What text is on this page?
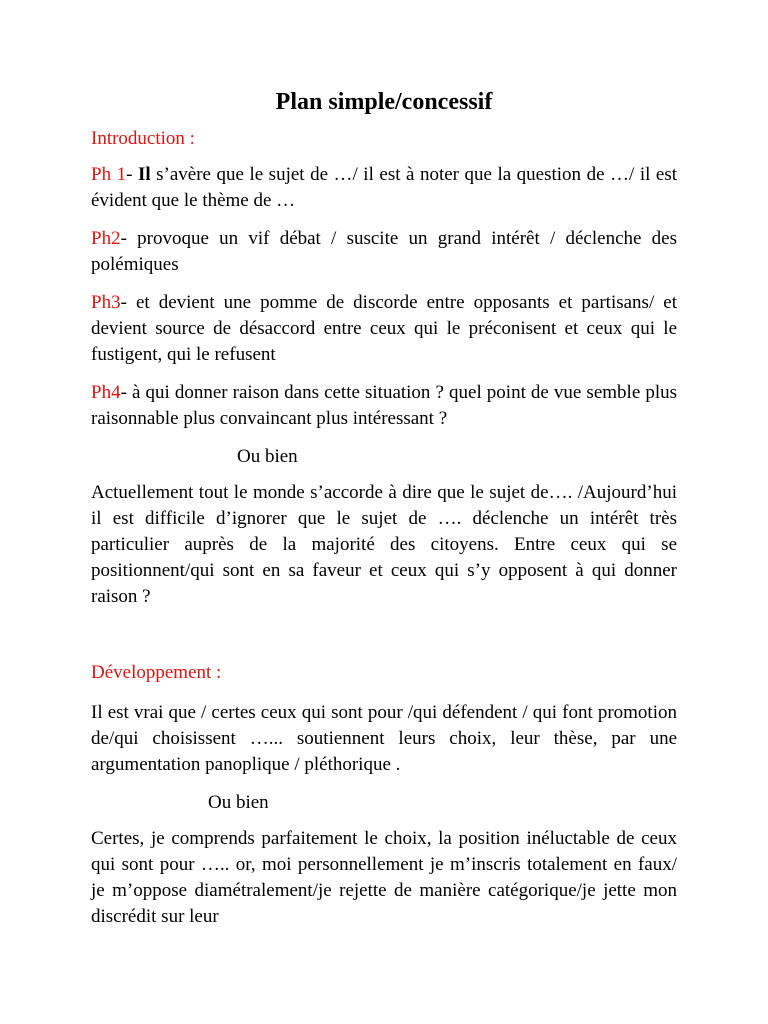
Plan simple/concessif
Introduction :
Ph 1- Il s’avère que le sujet de …/ il est à noter que la question de …/ il est évident que le thème de …
Ph2- provoque un vif débat / suscite un grand intérêt / déclenche des polémiques
Ph3- et devient une pomme de discorde entre opposants et partisans/ et devient source de désaccord entre ceux qui le préconisent et ceux qui le fustigent, qui le refusent
Ph4- à qui donner raison dans cette situation ? quel point de vue semble plus raisonnable plus convaincant plus intéressant ?
Ou bien
Actuellement tout le monde s’accorde à dire que le sujet de…. /Aujourd’hui il est difficile d’ignorer que le sujet de …. déclenche un intérêt très particulier auprès de la majorité des citoyens. Entre ceux qui se positionnent/qui sont en sa faveur et ceux qui s’y opposent à qui donner raison ?
Développement :
Il est vrai que / certes ceux qui sont pour /qui défendent / qui font promotion de/qui choisissent …... soutiennent leurs choix, leur thèse, par une argumentation panoplique / pléthorique .
Ou bien
Certes, je comprends parfaitement le choix, la position inéluctable de ceux qui sont pour ….. or, moi personnellement je m’inscris totalement en faux/ je m’oppose diamétralement/je rejette de manière catégorique/je jette mon discrédit sur leur
